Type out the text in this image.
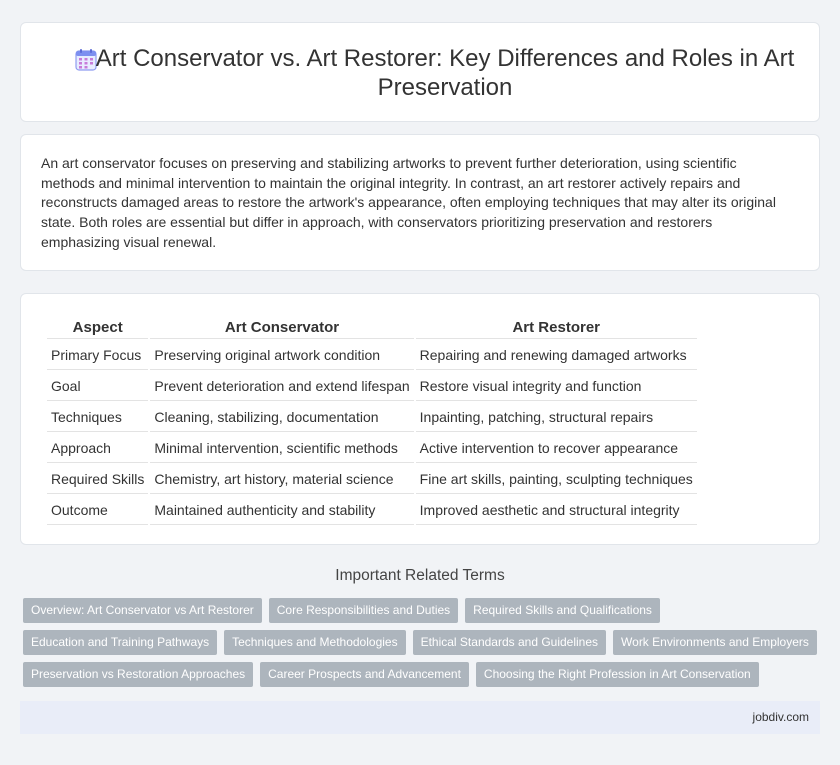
Art Conservator vs. Art Restorer: Key Differences and Roles in Art Preservation

An art conservator focuses on preserving and stabilizing artworks to prevent further deterioration, using scientific methods and minimal intervention to maintain the original integrity. In contrast, an art restorer actively repairs and reconstructs damaged areas to restore the artwork's appearance, often employing techniques that may alter its original state. Both roles are essential but differ in approach, with conservators prioritizing preservation and restorers emphasizing visual renewal.

Aspect	Art Conservator	Art Restorer
Primary Focus	Preserving original artwork condition	Repairing and renewing damaged artworks
Goal	Prevent deterioration and extend lifespan	Restore visual integrity and function
Techniques	Cleaning, stabilizing, documentation	Inpainting, patching, structural repairs
Approach	Minimal intervention, scientific methods	Active intervention to recover appearance
Required Skills	Chemistry, art history, material science	Fine art skills, painting, sculpting techniques
Outcome	Maintained authenticity and stability	Improved aesthetic and structural integrity
Important Related Terms
Overview: Art Conservator vs Art Restorer	Core Responsibilities and Duties	Required Skills and Qualifications
Education and Training Pathways	Techniques and Methodologies	Ethical Standards and Guidelines	Work Environments and Employers
Preservation vs Restoration Approaches	Career Prospects and Advancement	Choosing the Right Profession in Art Conservation
jobdiv.com
